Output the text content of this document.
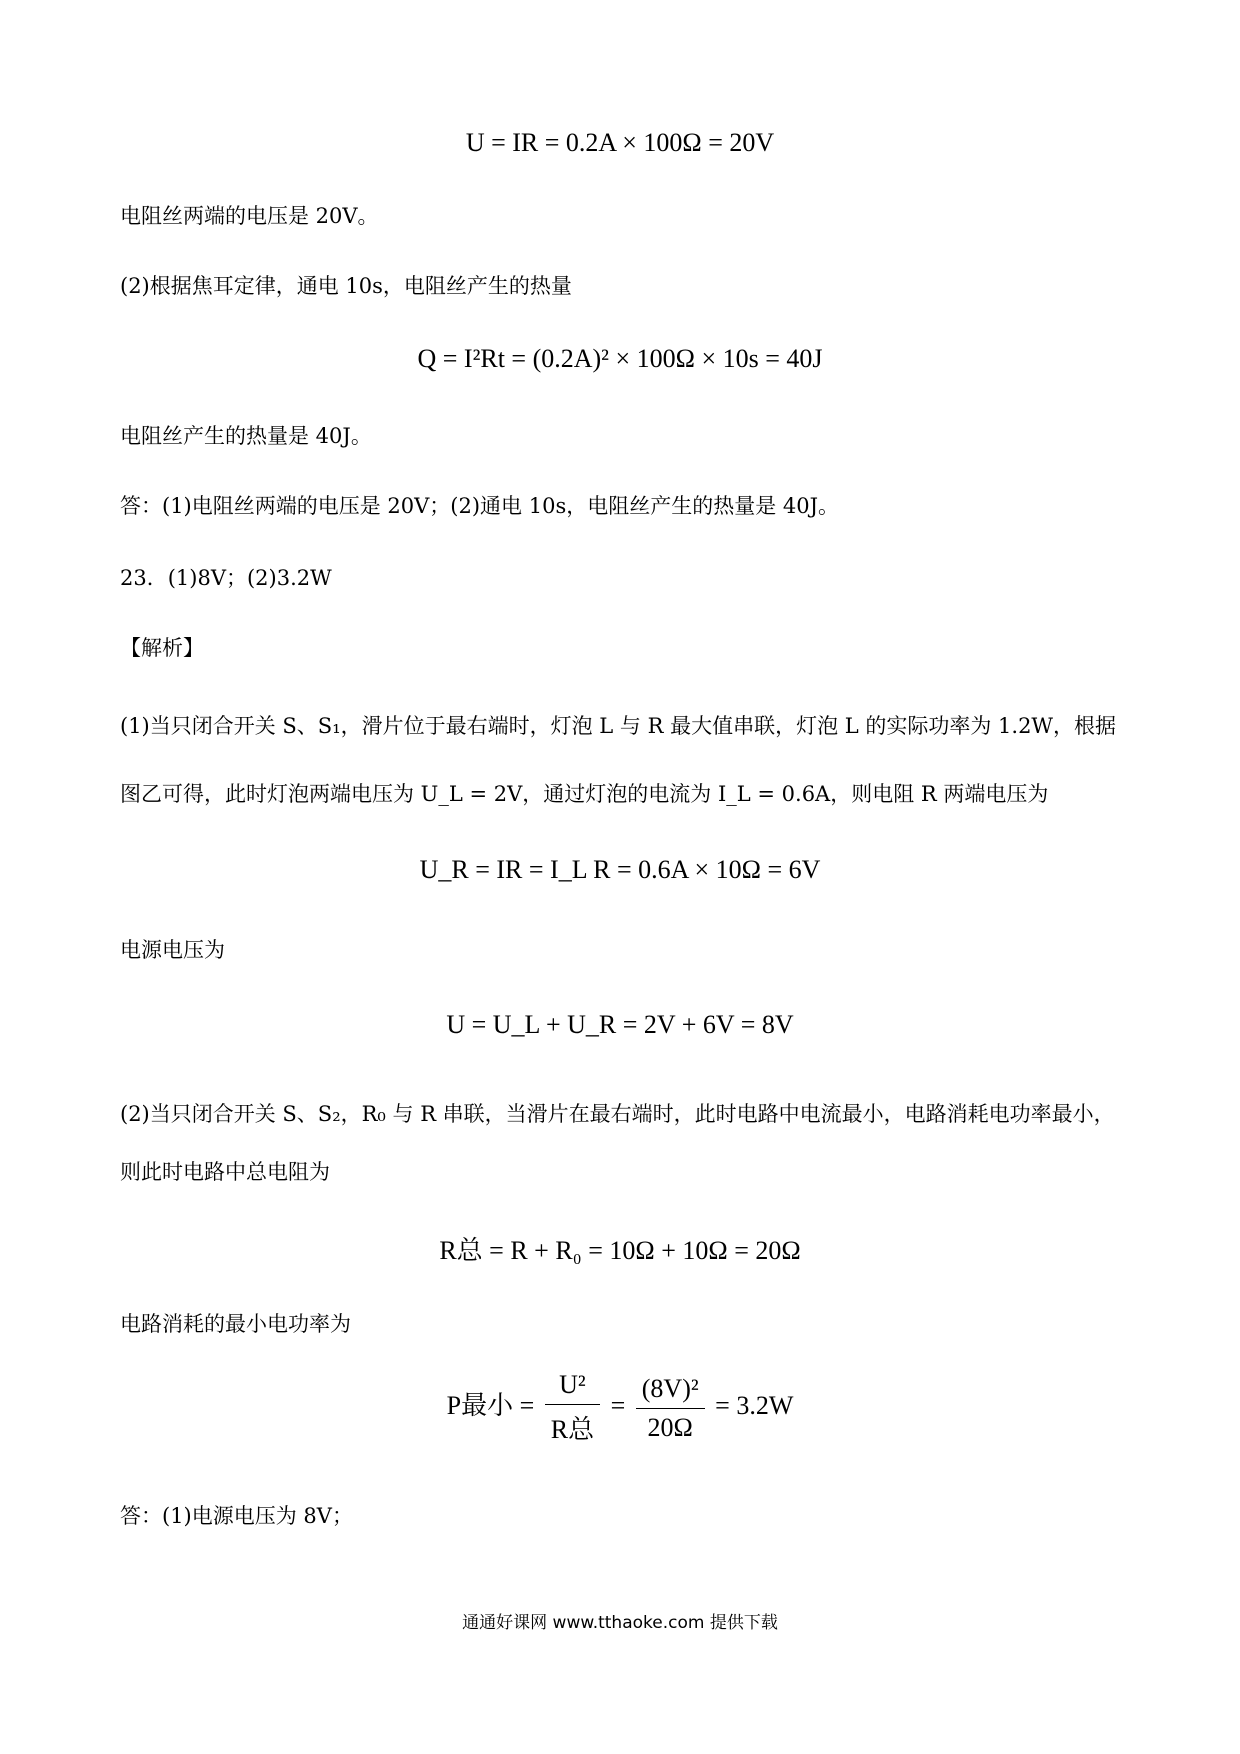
U = IR = 0.2A × 100Ω = 20V
电阻丝两端的电压是 20V。
(2)根据焦耳定律，通电 10s，电阻丝产生的热量
Q = I²Rt = (0.2A)² × 100Ω × 10s = 40J
电阻丝产生的热量是 40J。
答：(1)电阻丝两端的电压是 20V；(2)通电 10s，电阻丝产生的热量是 40J。
23．(1)8V；(2)3.2W
【解析】
(1)当只闭合开关 S、S₁，滑片位于最右端时，灯泡 L 与 R 最大值串联，灯泡 L 的实际功率为 1.2W，根据
图乙可得，此时灯泡两端电压为 U_L = 2V，通过灯泡的电流为 I_L = 0.6A，则电阻 R 两端电压为
U_R = IR = I_L R = 0.6A × 10Ω = 6V
电源电压为
U = U_L + U_R = 2V + 6V = 8V
(2)当只闭合开关 S、S₂，R₀ 与 R 串联，当滑片在最右端时，此时电路中电流最小，电路消耗电功率最小，
则此时电路中总电阻为
R总 = R + R₀ = 10Ω + 10Ω = 20Ω
电路消耗的最小电功率为
P最小 = $\frac{\text{U²}}{\text{R总}} = \frac{\text{(8V)²}}{20\Omega} = 3.2W$
答：(1)电源电压为 8V；
通通好课网 www.tthaoke.com 提供下载
